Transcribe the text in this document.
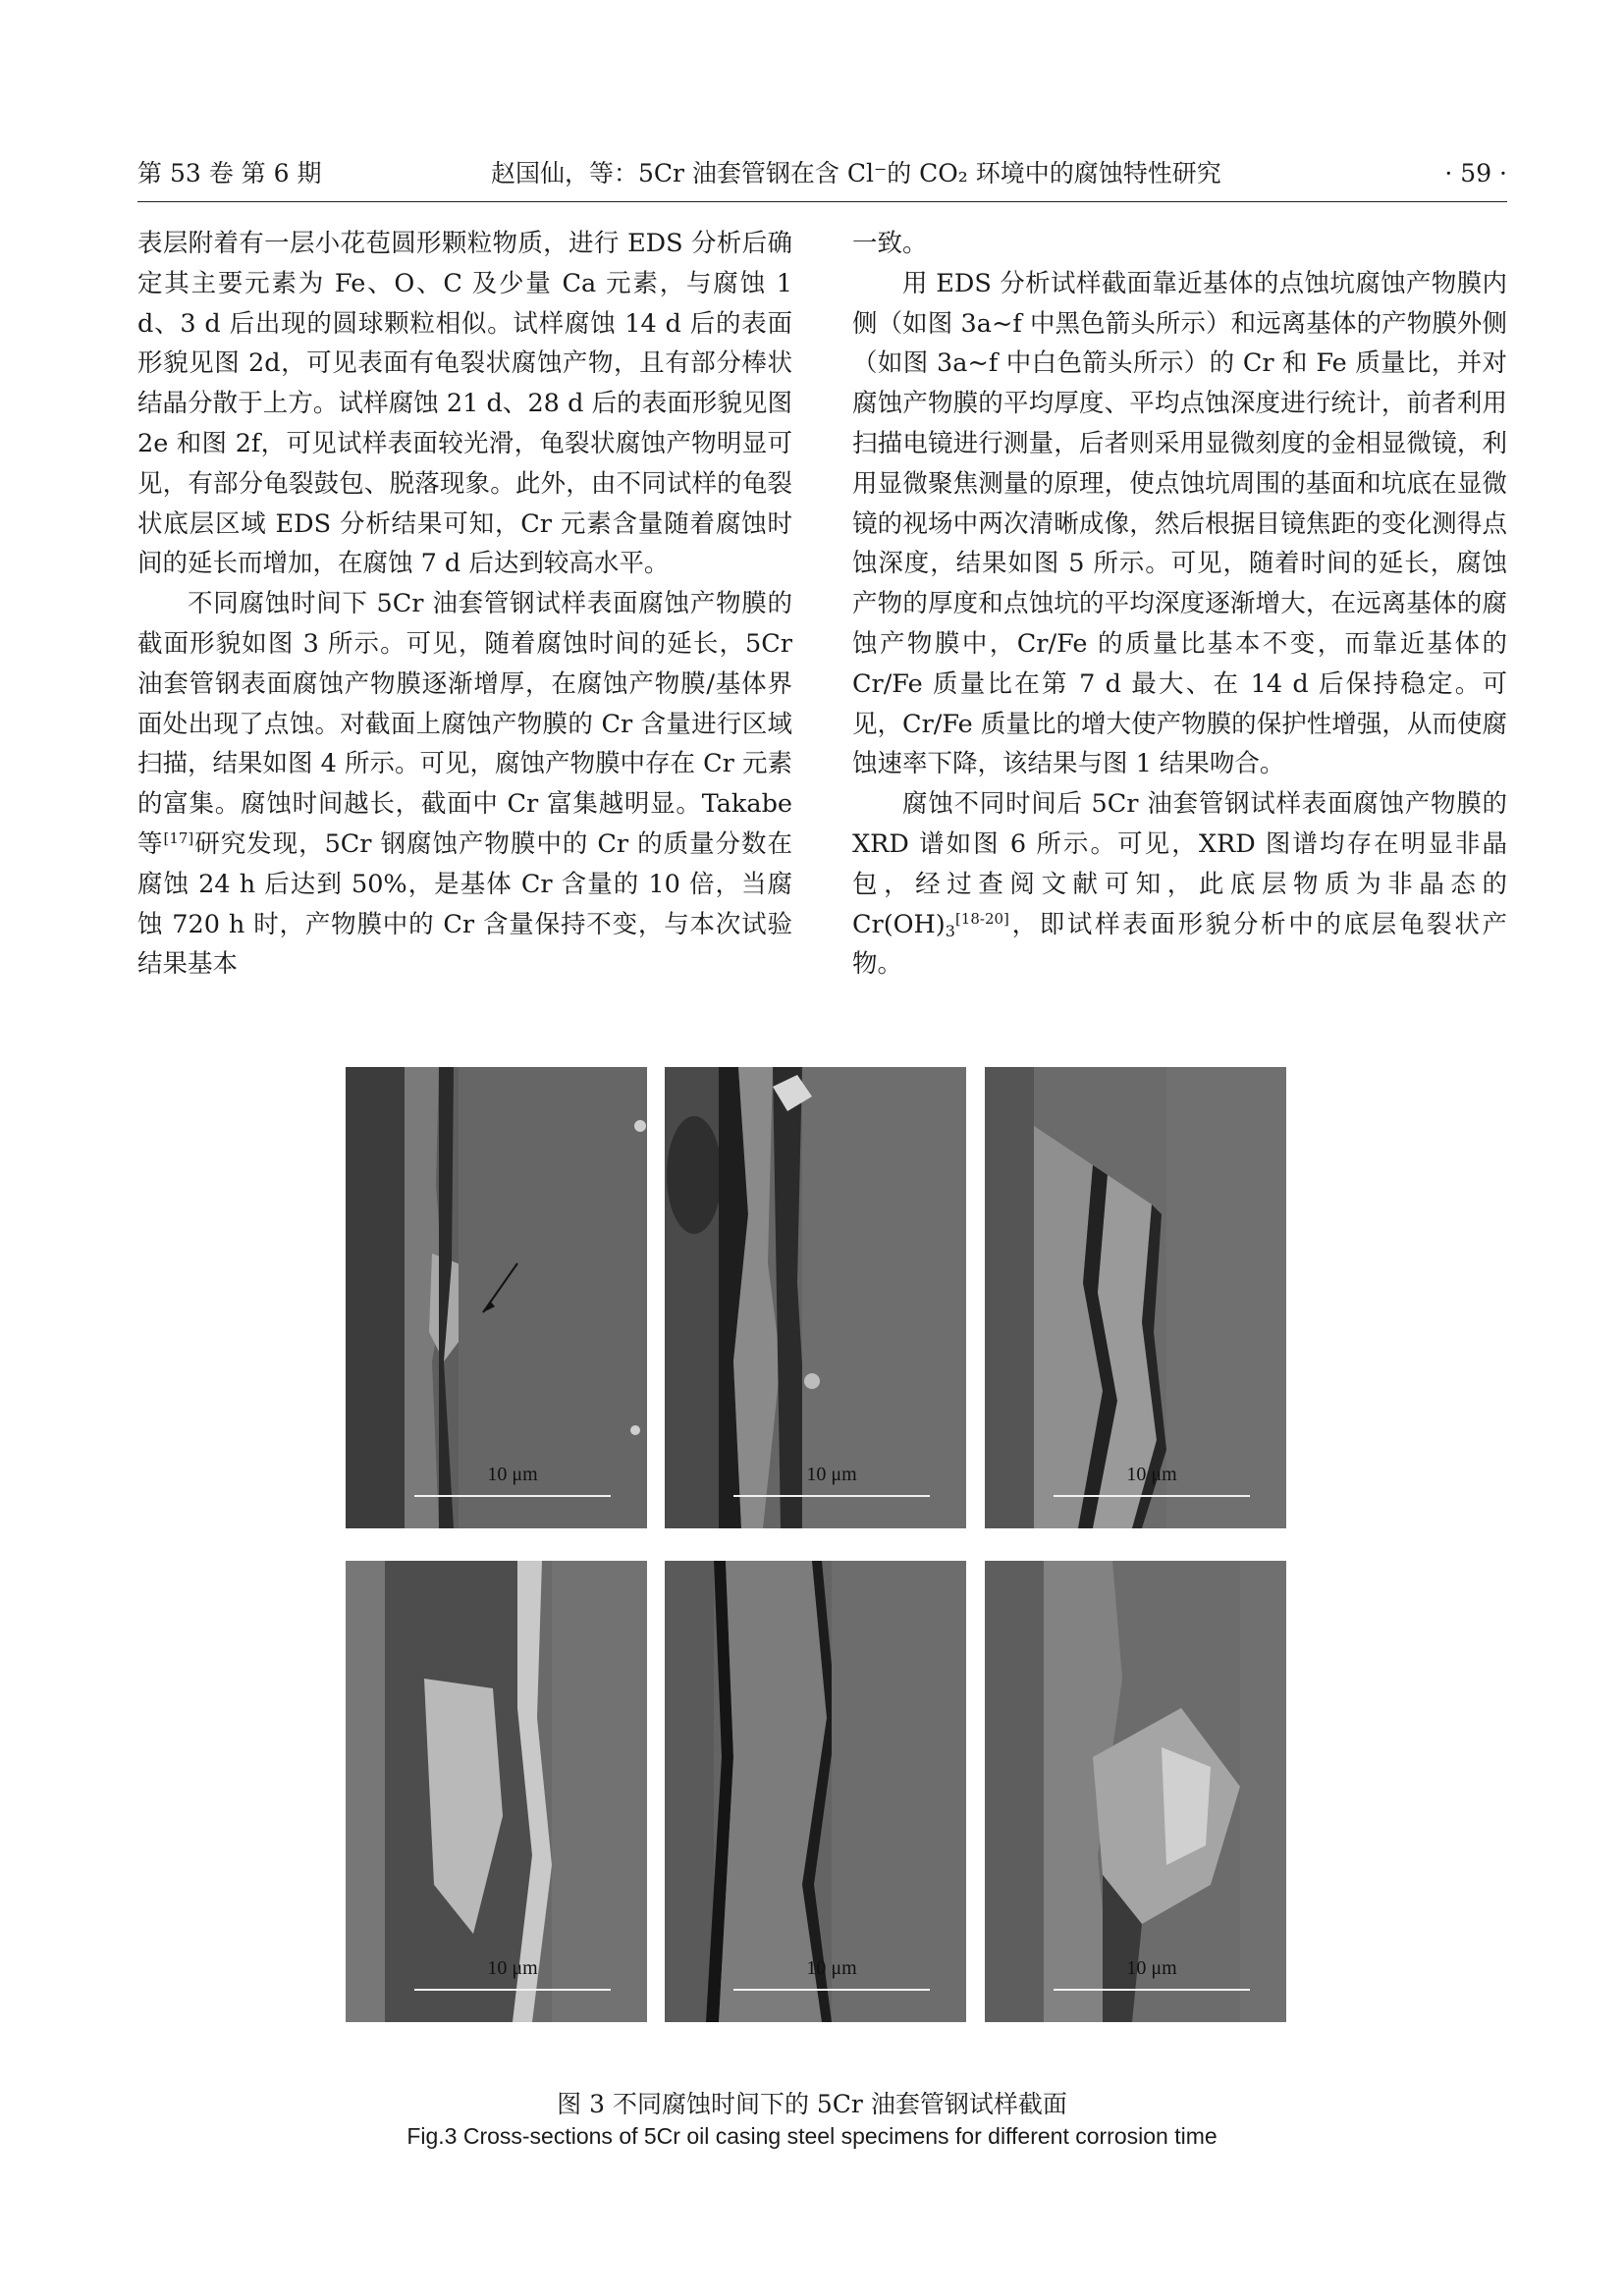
第 53 卷 第 6 期	赵国仙，等：5Cr 油套管钢在含 Cl⁻的 CO₂ 环境中的腐蚀特性研究	· 59 ·

表层附着有一层小花苞圆形颗粒物质，进行 EDS 分析后确定其主要元素为 Fe、O、C 及少量 Ca 元素，与腐蚀 1 d、3 d 后出现的圆球颗粒相似。试样腐蚀 14 d 后的表面形貌见图 2d，可见表面有龟裂状腐蚀产物，且有部分棒状结晶分散于上方。试样腐蚀 21 d、28 d 后的表面形貌见图 2e 和图 2f，可见试样表面较光滑，龟裂状腐蚀产物明显可见，有部分龟裂鼓包、脱落现象。此外，由不同试样的龟裂状底层区域 EDS 分析结果可知，Cr 元素含量随着腐蚀时间的延长而增加，在腐蚀 7 d 后达到较高水平。

不同腐蚀时间下 5Cr 油套管钢试样表面腐蚀产物膜的截面形貌如图 3 所示。可见，随着腐蚀时间的延长，5Cr 油套管钢表面腐蚀产物膜逐渐增厚，在腐蚀产物膜/基体界面处出现了点蚀。对截面上腐蚀产物膜的 Cr 含量进行区域扫描，结果如图 4 所示。可见，腐蚀产物膜中存在 Cr 元素的富集。腐蚀时间越长，截面中 Cr 富集越明显。Takabe 等[17]研究发现，5Cr 钢腐蚀产物膜中的 Cr 的质量分数在腐蚀 24 h 后达到 50%，是基体 Cr 含量的 10 倍，当腐蚀 720 h 时，产物膜中的 Cr 含量保持不变，与本次试验结果基本

一致。

用 EDS 分析试样截面靠近基体的点蚀坑腐蚀产物膜内侧（如图 3a~f 中黑色箭头所示）和远离基体的产物膜外侧（如图 3a~f 中白色箭头所示）的 Cr 和 Fe 质量比，并对腐蚀产物膜的平均厚度、平均点蚀深度进行统计，前者利用扫描电镜进行测量，后者则采用显微刻度的金相显微镜，利用显微聚焦测量的原理，使点蚀坑周围的基面和坑底在显微镜的视场中两次清晰成像，然后根据目镜焦距的变化测得点蚀深度，结果如图 5 所示。可见，随着时间的延长，腐蚀产物的厚度和点蚀坑的平均深度逐渐增大，在远离基体的腐蚀产物膜中，Cr/Fe 的质量比基本不变，而靠近基体的 Cr/Fe 质量比在第 7 d 最大、在 14 d 后保持稳定。可见，Cr/Fe 质量比的增大使产物膜的保护性增强，从而使腐蚀速率下降，该结果与图 1 结果吻合。

腐蚀不同时间后 5Cr 油套管钢试样表面腐蚀产物膜的 XRD 谱如图 6 所示。可见，XRD 图谱均存在明显非晶包，经过查阅文献可知，此底层物质为非晶态的 $Cr(OH)_3[18-20]$，即试样表面形貌分析中的底层龟裂状产物。

10 μm	10 μm	10 μm
10 μm	10 μm	10 μm
图 3 不同腐蚀时间下的 5Cr 油套管钢试样截面
Fig.3 Cross-sections of 5Cr oil casing steel specimens for different corrosion time
